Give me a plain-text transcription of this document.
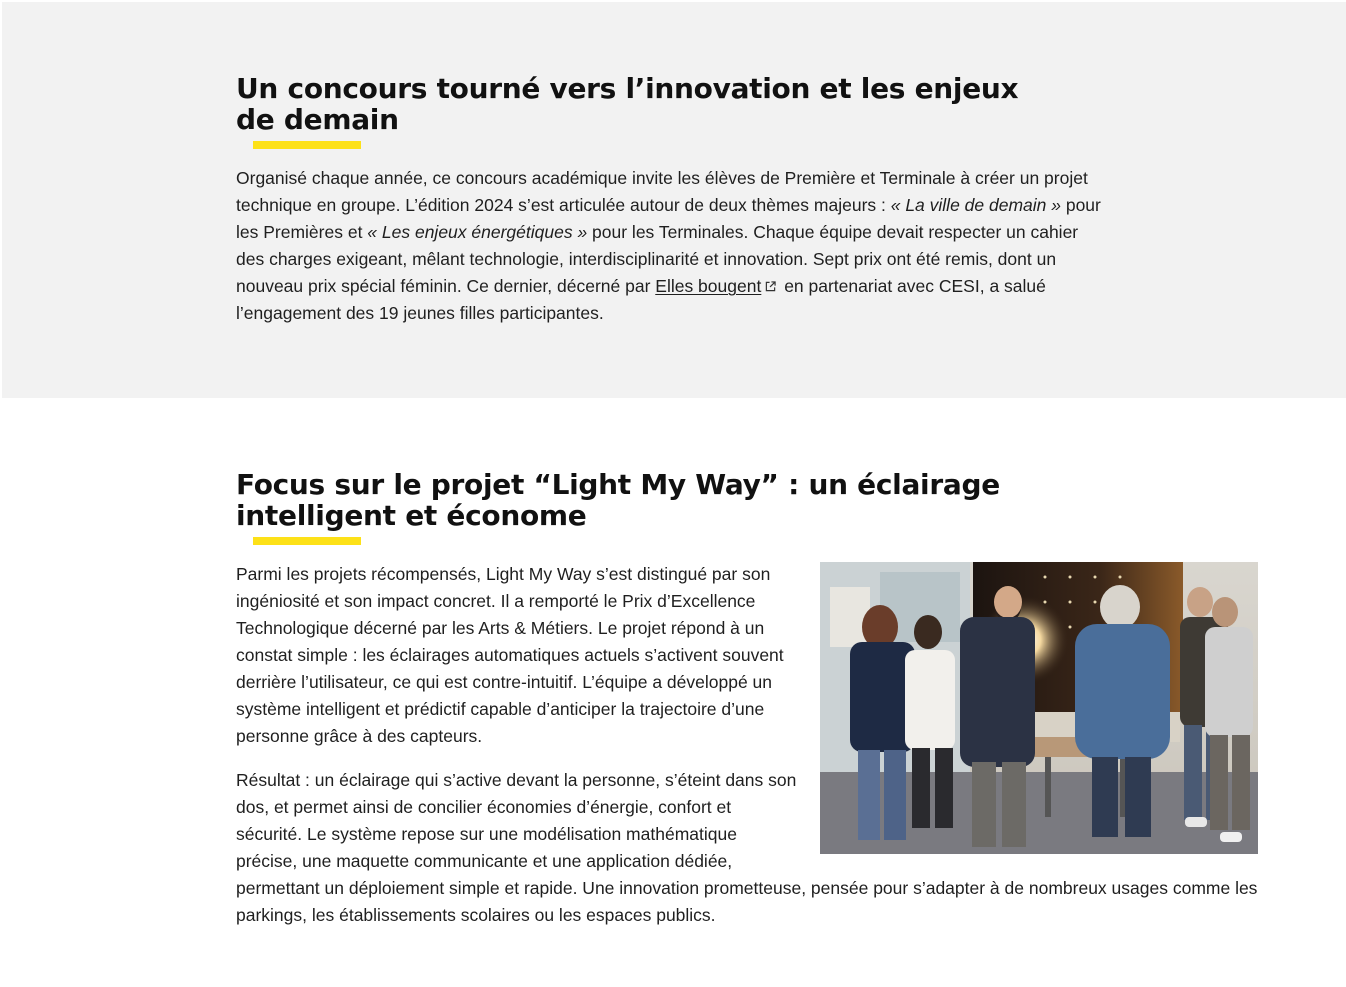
Un concours tourné vers l’innovation et les enjeux de demain

Organisé chaque année, ce concours académique invite les élèves de Première et Terminale à créer un projet technique en groupe. L’édition 2024 s’est articulée autour de deux thèmes majeurs : « La ville de demain » pour les Premières et « Les enjeux énergétiques » pour les Terminales. Chaque équipe devait respecter un cahier des charges exigeant, mêlant technologie, interdisciplinarité et innovation. Sept prix ont été remis, dont un nouveau prix spécial féminin. Ce dernier, décerné par Elles bougent en partenariat avec CESI, a salué l’engagement des 19 jeunes filles participantes.

Focus sur le projet “Light My Way” : un éclairage intelligent et économe

Parmi les projets récompensés, Light My Way s’est distingué par son ingéniosité et son impact concret. Il a remporté le Prix d’Excellence Technologique décerné par les Arts & Métiers. Le projet répond à un constat simple : les éclairages automatiques actuels s’activent souvent derrière l’utilisateur, ce qui est contre-intuitif. L’équipe a développé un système intelligent et prédictif capable d’anticiper la trajectoire d’une personne grâce à des capteurs.

Résultat : un éclairage qui s’active devant la personne, s’éteint dans son dos, et permet ainsi de concilier économies d’énergie, confort et sécurité. Le système repose sur une modélisation mathématique précise, une maquette communicante et une application dédiée, permettant un déploiement simple et rapide. Une innovation prometteuse, pensée pour s’adapter à de nombreux usages comme les parkings, les établissements scolaires ou les espaces publics.
